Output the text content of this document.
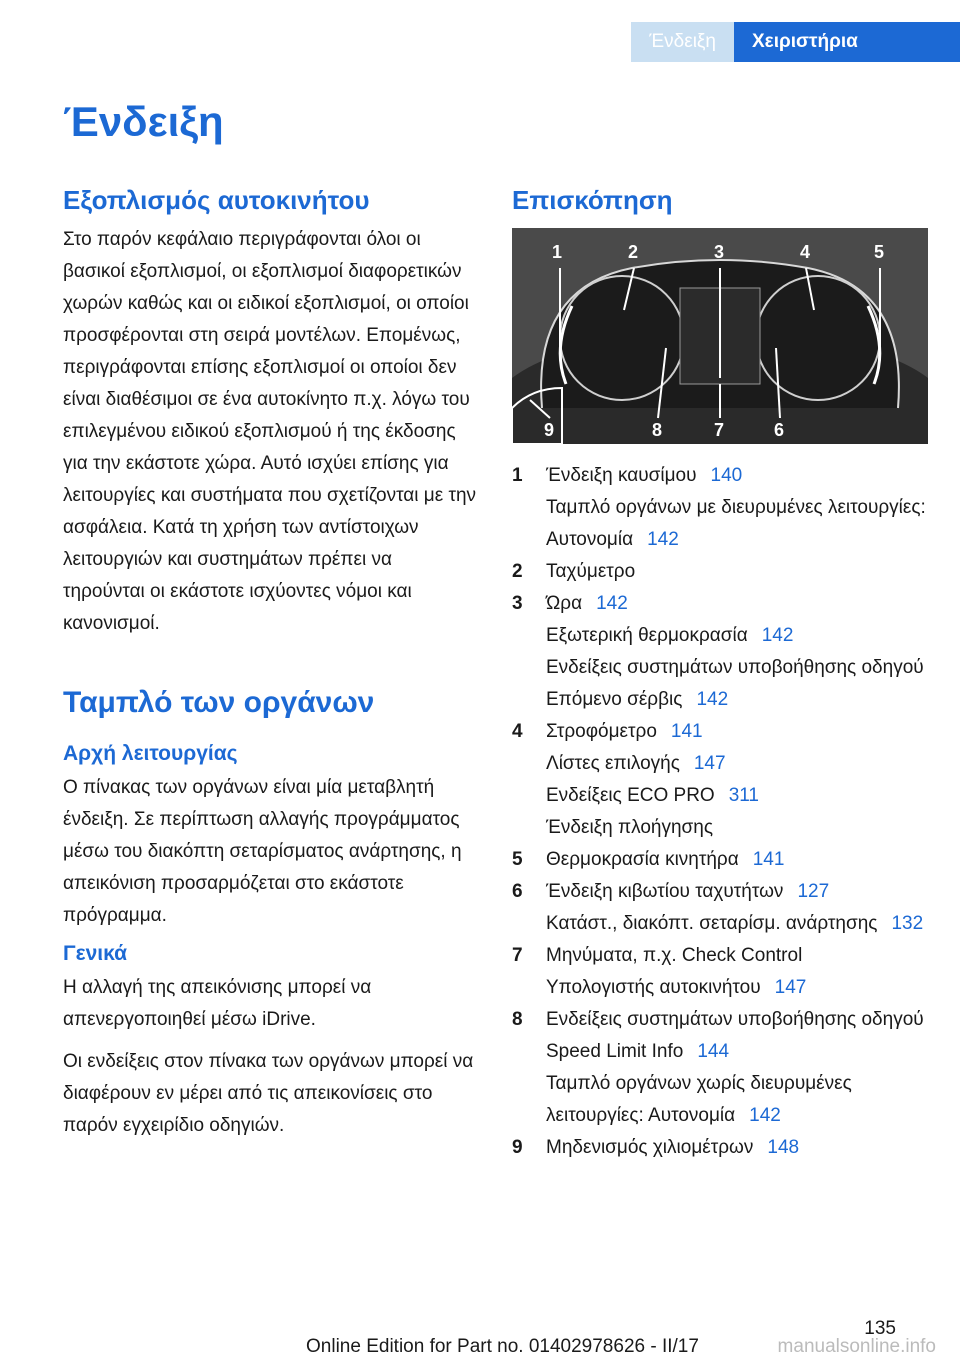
Ένδειξη	Χειριστήρια
Ένδειξη
Εξοπλισμός αυτοκινήτου

Στο παρόν κεφάλαιο περιγράφονται όλοι οι βασικοί εξοπλισμοί, οι εξοπλισμοί διαφορετικών χωρών καθώς και οι ειδικοί εξοπλισμοί, οι οποίοι προσφέρονται στη σειρά μοντέλων. Επομένως, περιγράφονται επίσης εξοπλισμοί οι οποίοι δεν είναι διαθέσιμοι σε ένα αυτοκίνητο π.χ. λόγω του επιλεγμένου ειδικού εξοπλισμού ή της έκδοσης για την εκάστοτε χώρα. Αυτό ισχύει επίσης για λειτουργίες και συστήματα που σχετίζονται με την ασφάλεια. Κατά τη χρήση των αντίστοιχων λειτουργιών και συστημάτων πρέπει να τηρούνται οι εκάστοτε ισχύοντες νόμοι και κανονισμοί.

Ταμπλό των οργάνων
Αρχή λειτουργίας

Ο πίνακας των οργάνων είναι μία μεταβλητή ένδειξη. Σε περίπτωση αλλαγής προγράμματος μέσω του διακόπτη σεταρίσματος ανάρτησης, η απεικόνιση προσαρμόζεται στο εκάστοτε πρόγραμμα.

Γενικά

Η αλλαγή της απεικόνισης μπορεί να απενεργοποιηθεί μέσω iDrive.

Οι ενδείξεις στον πίνακα των οργάνων μπορεί να διαφέρουν εν μέρει από τις απεικονίσεις στο παρόν εγχειρίδιο οδηγιών.

Επισκόπηση
1	2	3	4	5
6
7
8
9
1	Ένδειξη καυσίμου 140
Ταμπλό οργάνων με διευρυμένες λειτουργίες: Αυτονομία 142
2	Ταχύμετρο
3	Ώρα 142
Εξωτερική θερμοκρασία 142
Ενδείξεις συστημάτων υποβοήθησης οδηγού
Επόμενο σέρβις 142
4	Στροφόμετρο 141
Λίστες επιλογής 147
Ενδείξεις ECO PRO 311
Ένδειξη πλοήγησης
5	Θερμοκρασία κινητήρα 141
6	Ένδειξη κιβωτίου ταχυτήτων 127
Κατάστ., διακόπτ. σεταρίσμ. ανάρτησης 132
7	Μηνύματα, π.χ. Check Control
Υπολογιστής αυτοκινήτου 147
8	Ενδείξεις συστημάτων υποβοήθησης οδηγού
Speed Limit Info 144
Ταμπλό οργάνων χωρίς διευρυμένες λειτουργίες: Αυτονομία 142
9	Μηδενισμός χιλιομέτρων 148
135
Online Edition for Part no. 01402978626 - II/17	manualsonline.info
